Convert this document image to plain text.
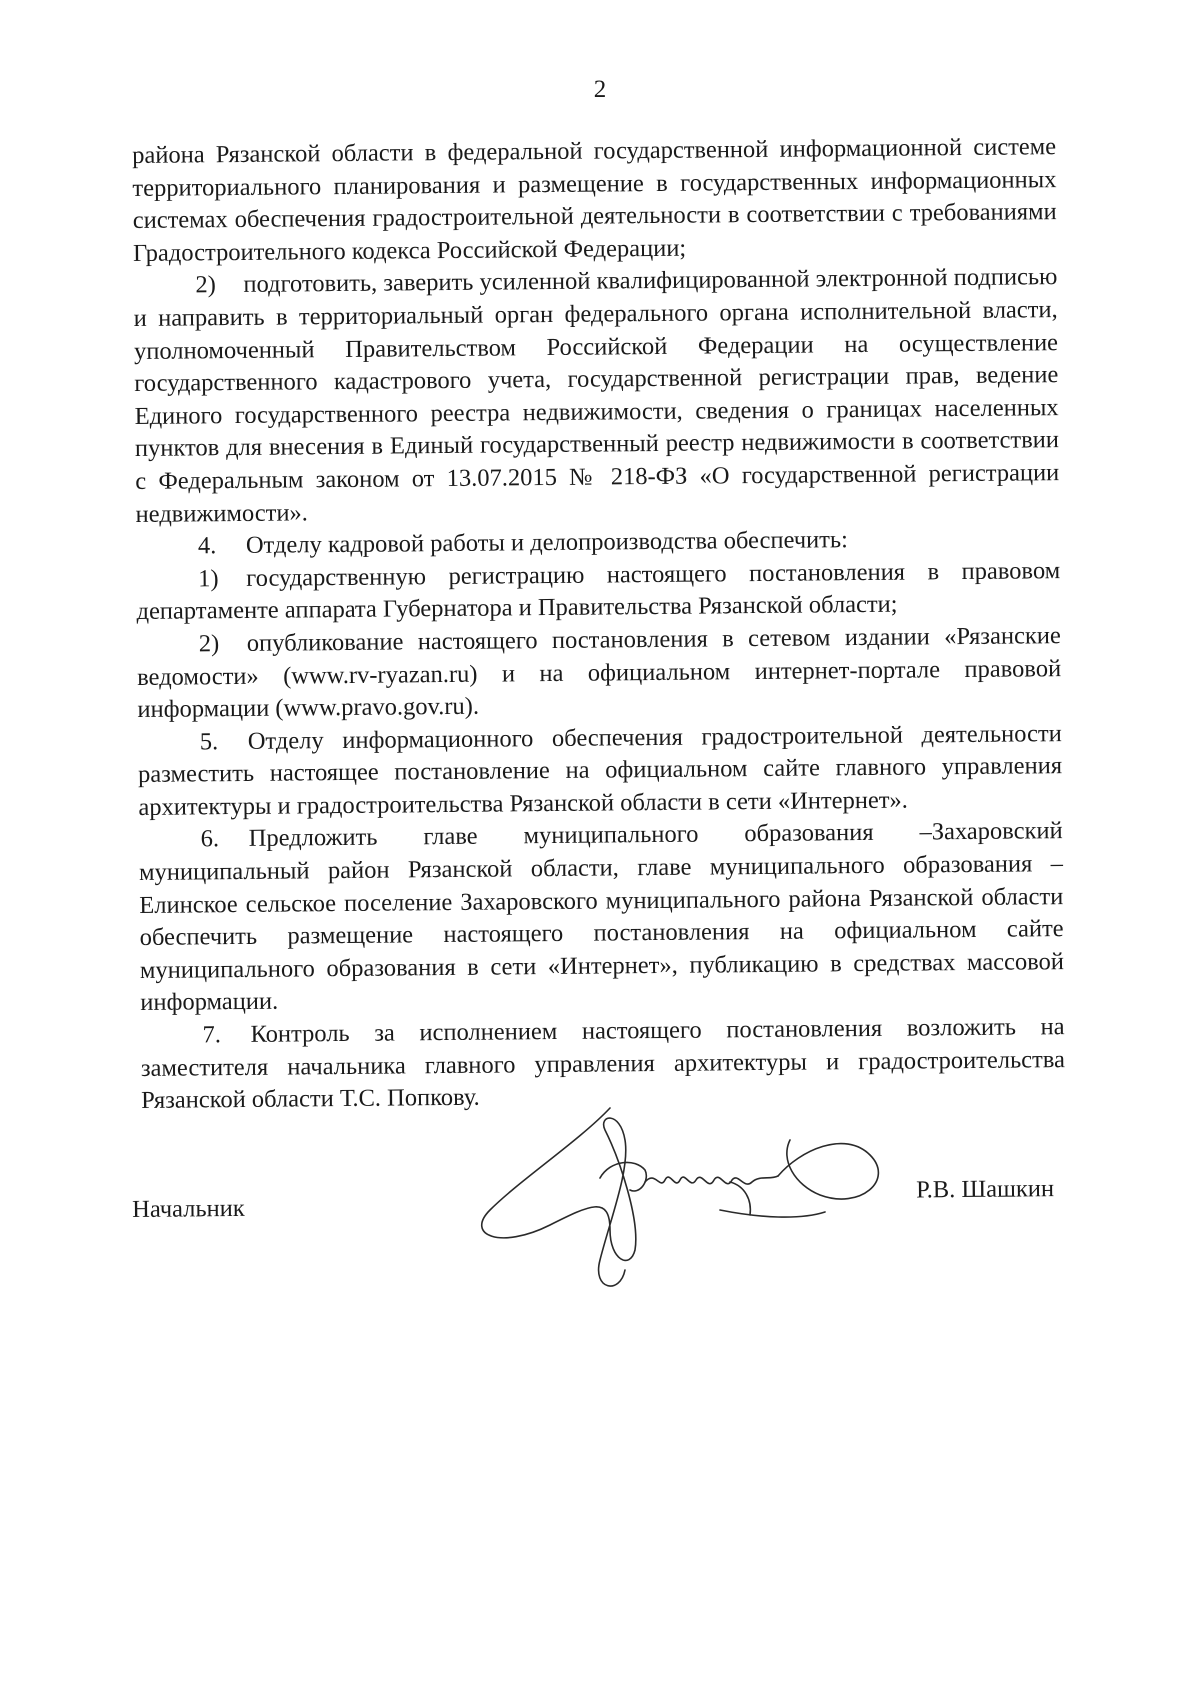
2

района Рязанской области в федеральной государственной информационной системе территориального планирования и размещение в государственных информационных системах обеспечения градостроительной деятельности в соответствии с требованиями Градостроительного кодекса Российской Федерации;

2) подготовить, заверить усиленной квалифицированной электронной подписью и направить в территориальный орган федерального органа исполнительной власти, уполномоченный Правительством Российской Федерации на осуществление государственного кадастрового учета, государственной регистрации прав, ведение Единого государственного реестра недвижимости, сведения о границах населенных пунктов для внесения в Единый государственный реестр недвижимости в соответствии с Федеральным законом от 13.07.2015 № 218-ФЗ «О государственной регистрации недвижимости».

4. Отделу кадровой работы и делопроизводства обеспечить:

1) государственную регистрацию настоящего постановления в правовом департаменте аппарата Губернатора и Правительства Рязанской области;

2) опубликование настоящего постановления в сетевом издании «Рязанские ведомости» (www.rv-ryazan.ru) и на официальном интернет-портале правовой информации (www.pravo.gov.ru).

5. Отделу информационного обеспечения градостроительной деятельности разместить настоящее постановление на официальном сайте главного управления архитектуры и градостроительства Рязанской области в сети «Интернет».

6. Предложить главе муниципального образования –Захаровский муниципальный район Рязанской области, главе муниципального образования – Елинское сельское поселение Захаровского муниципального района Рязанской области обеспечить размещение настоящего постановления на официальном сайте муниципального образования в сети «Интернет», публикацию в средствах массовой информации.

7. Контроль за исполнением настоящего постановления возложить на заместителя начальника главного управления архитектуры и градостроительства Рязанской области Т.С. Попкову.

Начальник
Р.В. Шашкин
